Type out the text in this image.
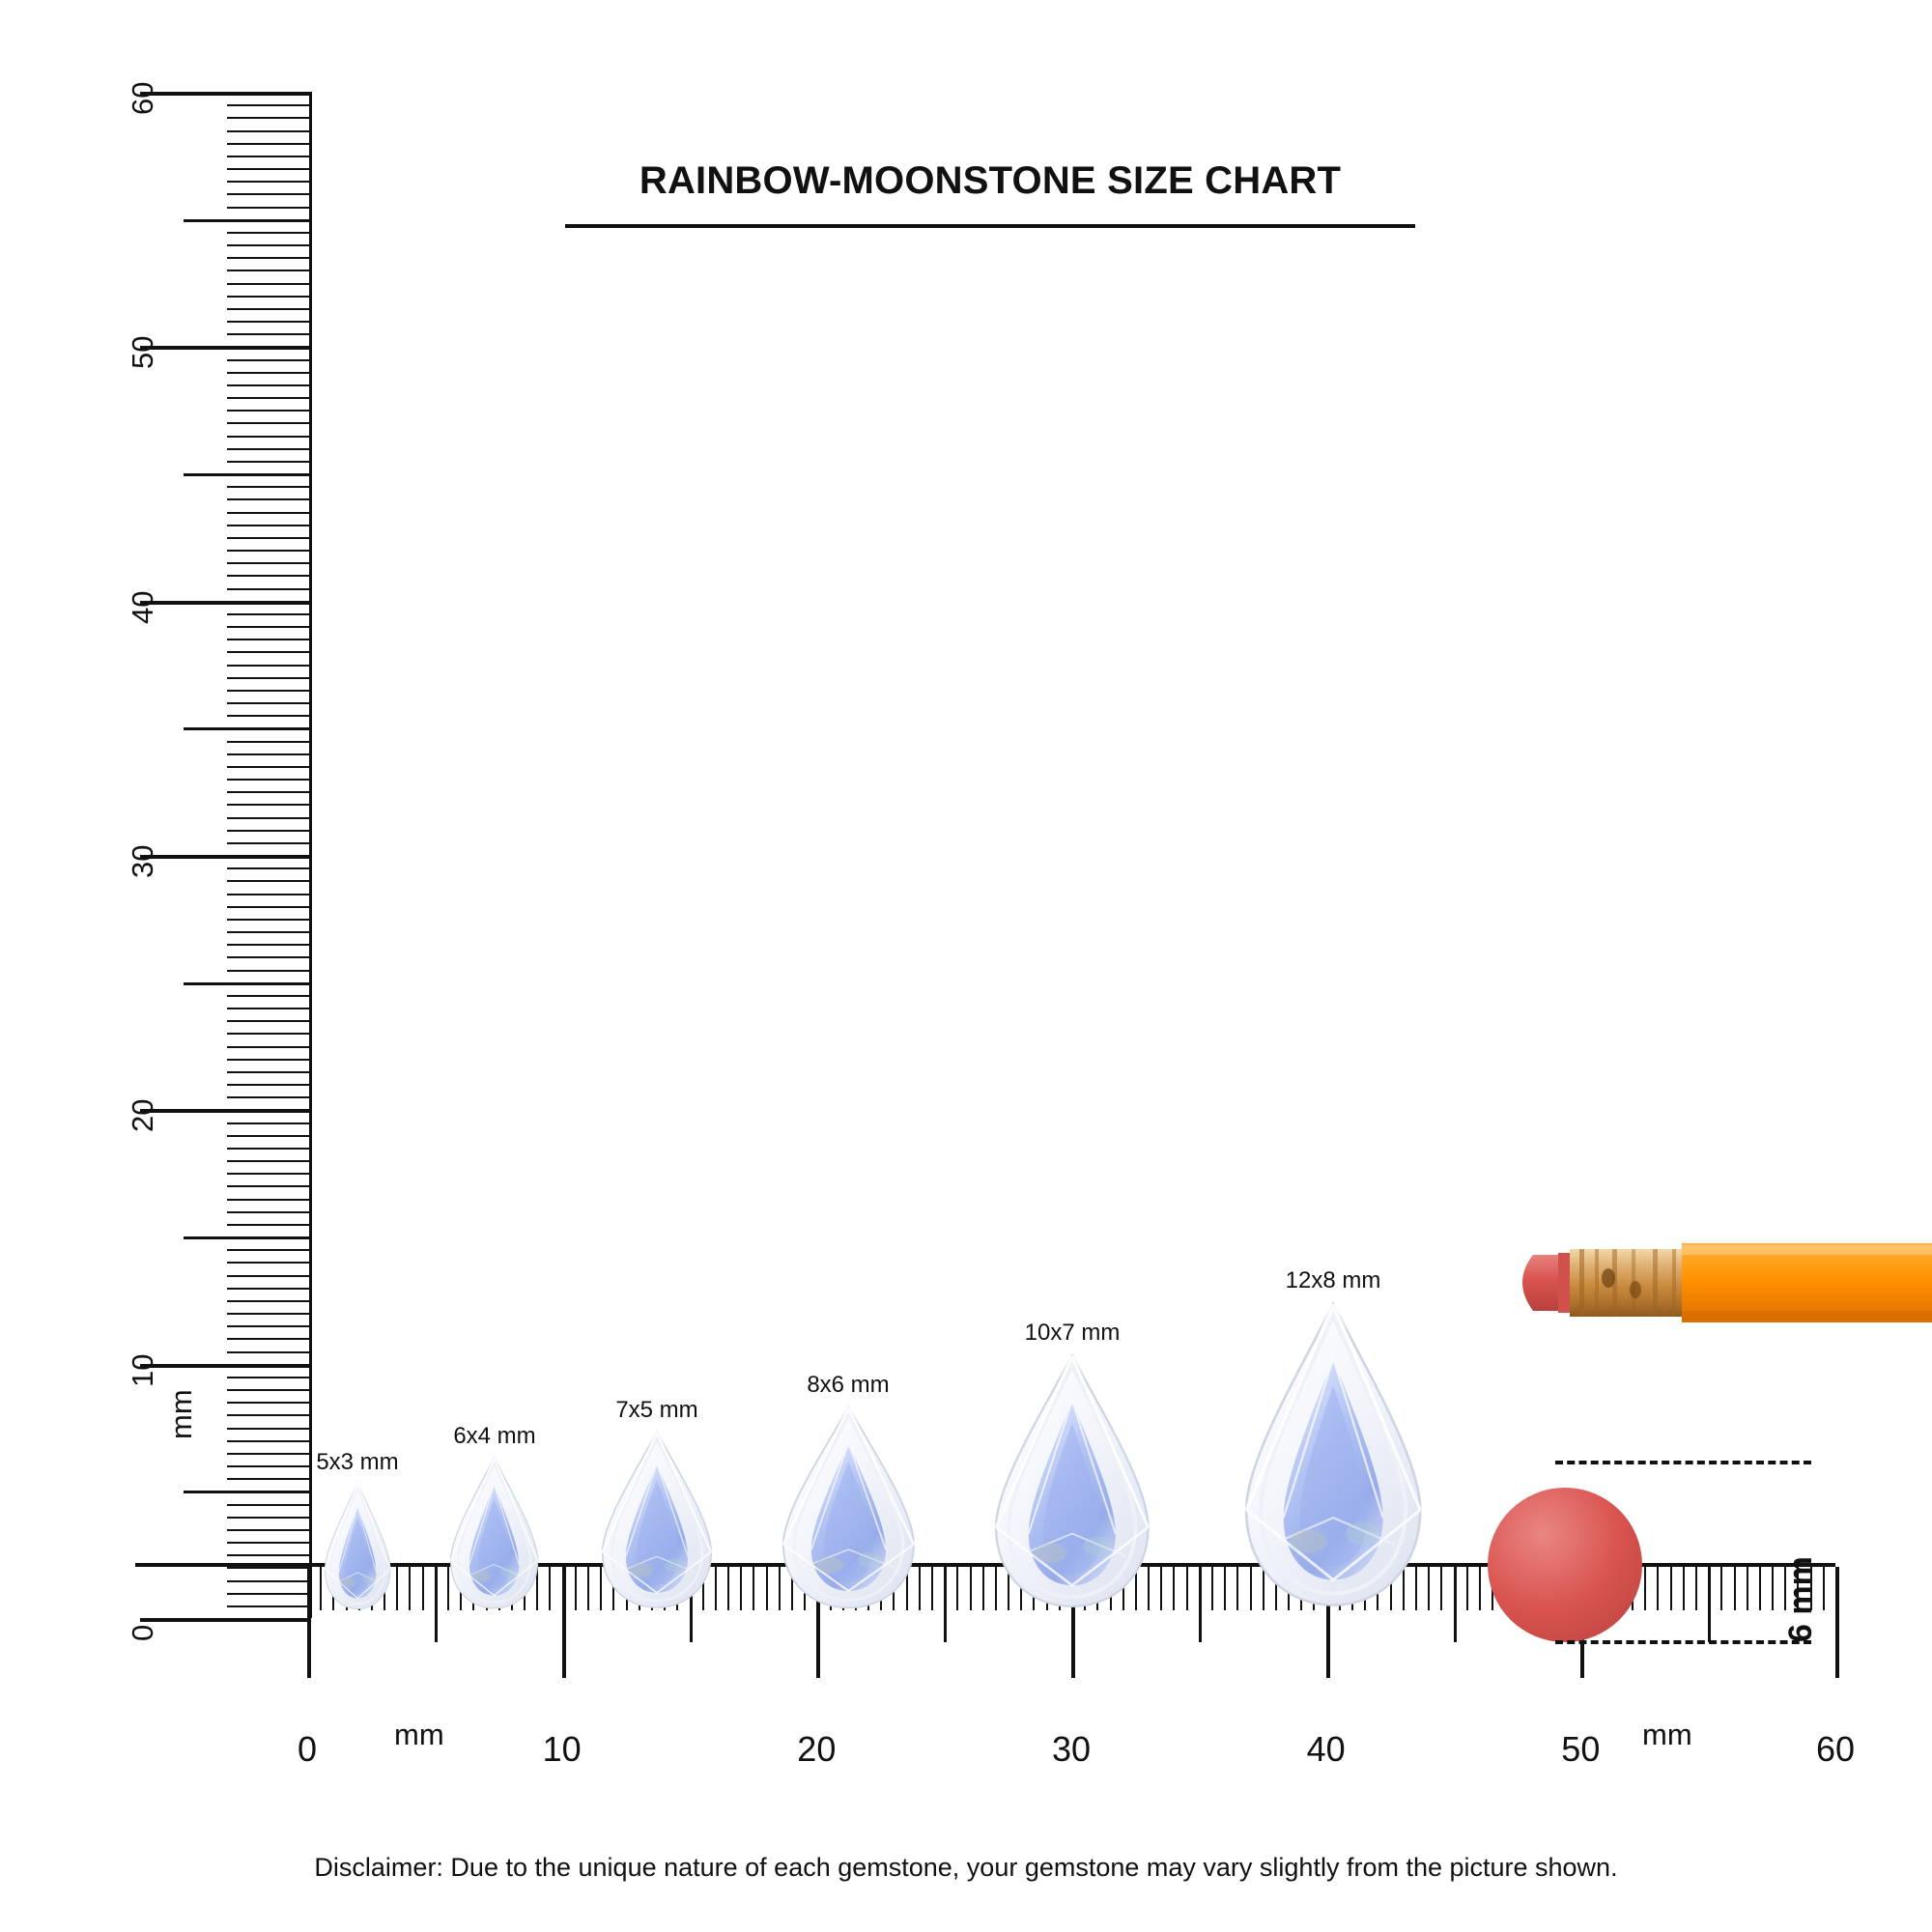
RAINBOW-MOONSTONE SIZE CHART
0
10
20
30
40
50
60
mm
0	10	20	30	40	50	60
mm	mm
5x3 mm
6x4 mm
7x5 mm
8x6 mm
10x7 mm
12x8 mm
6 mm
Disclaimer: Due to the unique nature of each gemstone, your gemstone may vary slightly from the picture shown.
